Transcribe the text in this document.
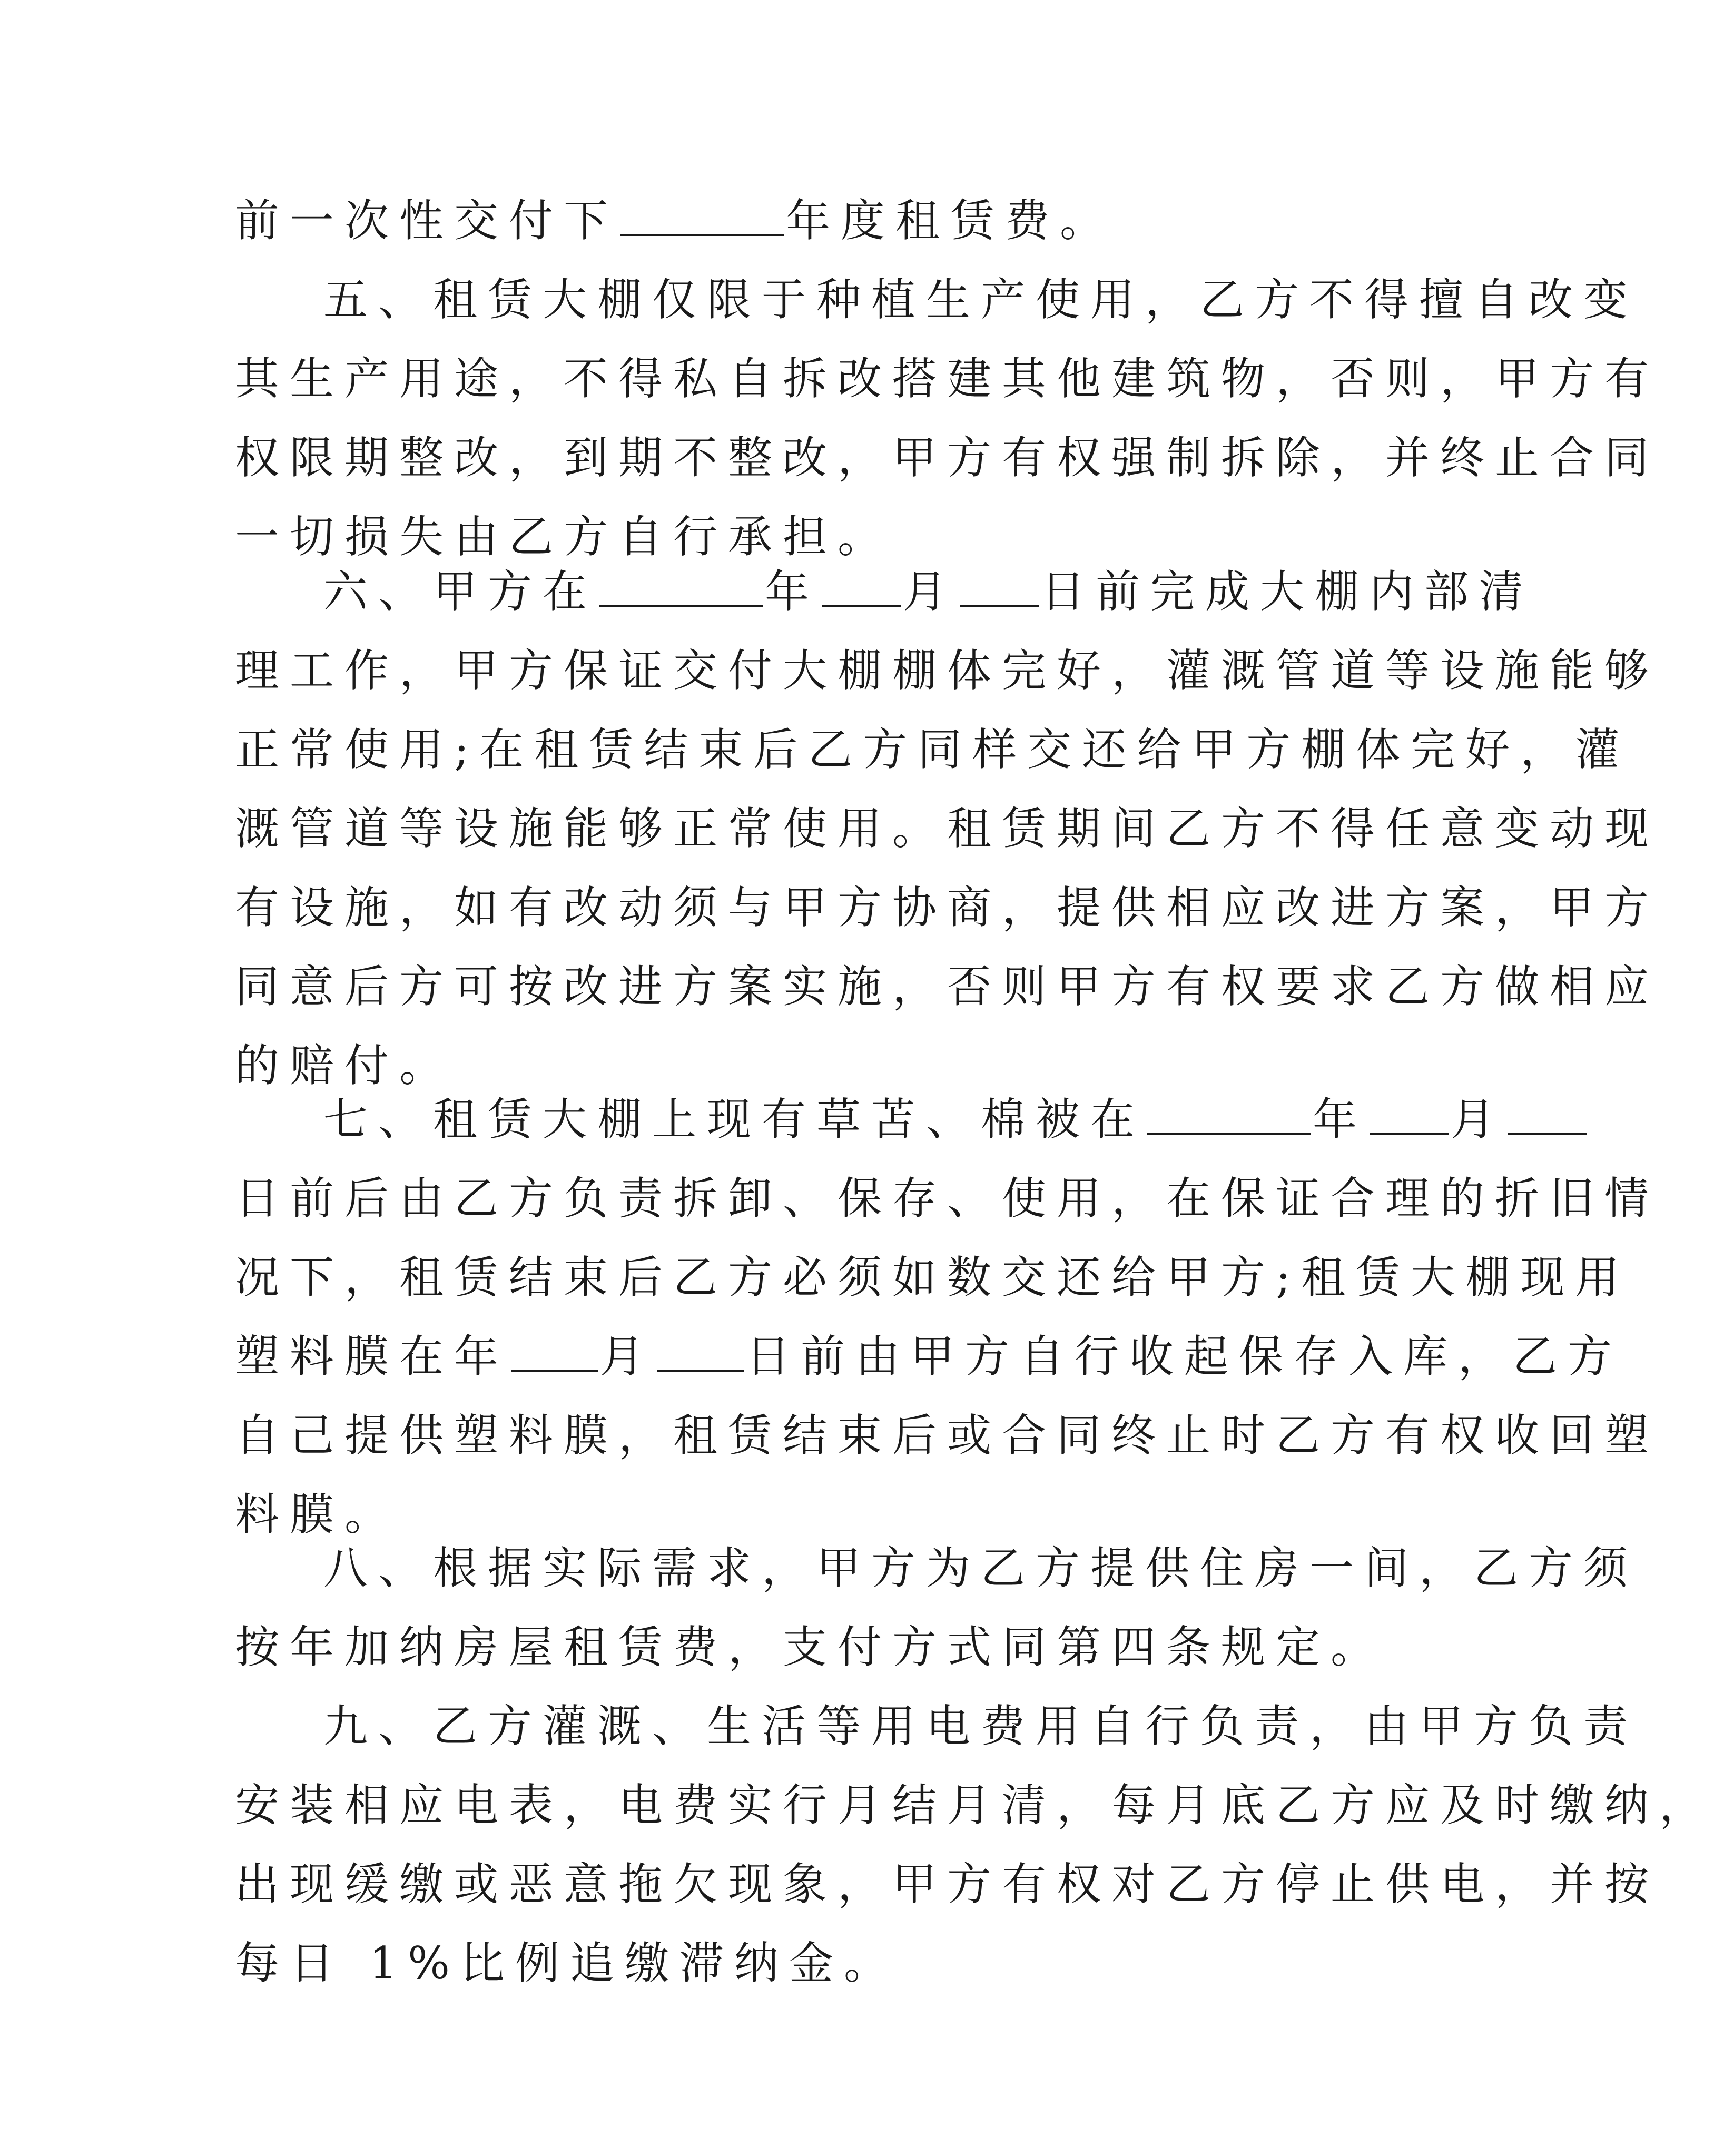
前一次性交付下	年度租赁费。
五、租赁大棚仅限于种植生产使用，乙方不得擅自改变
其生产用途，不得私自拆改搭建其他建筑物，否则，甲方有
权限期整改，到期不整改，甲方有权强制拆除，并终止合同
一切损失由乙方自行承担。
六、甲方在	年 月 日前完成大棚内部清
理工作，甲方保证交付大棚棚体完好，灌溉管道等设施能够
正常使用;在租赁结束后乙方同样交还给甲方棚体完好，灌
溉管道等设施能够正常使用。租赁期间乙方不得任意变动现
有设施，如有改动须与甲方协商，提供相应改进方案，甲方
同意后方可按改进方案实施，否则甲方有权要求乙方做相应
的赔付。
七、租赁大棚上现有草苫、棉被在	年 月
日前后由乙方负责拆卸、保存、使用，在保证合理的折旧情
况下，租赁结束后乙方必须如数交还给甲方;租赁大棚现用
塑料膜在年 月 日前由甲方自行收起保存入库，乙方
自己提供塑料膜，租赁结束后或合同终止时乙方有权收回塑
料膜。
八、根据实际需求，甲方为乙方提供住房一间，乙方须
按年加纳房屋租赁费，支付方式同第四条规定。
九、乙方灌溉、生活等用电费用自行负责，由甲方负责
安装相应电表，电费实行月结月清，每月底乙方应及时缴纳，
出现缓缴或恶意拖欠现象，甲方有权对乙方停止供电，并按
每日 1%比例追缴滞纳金。
